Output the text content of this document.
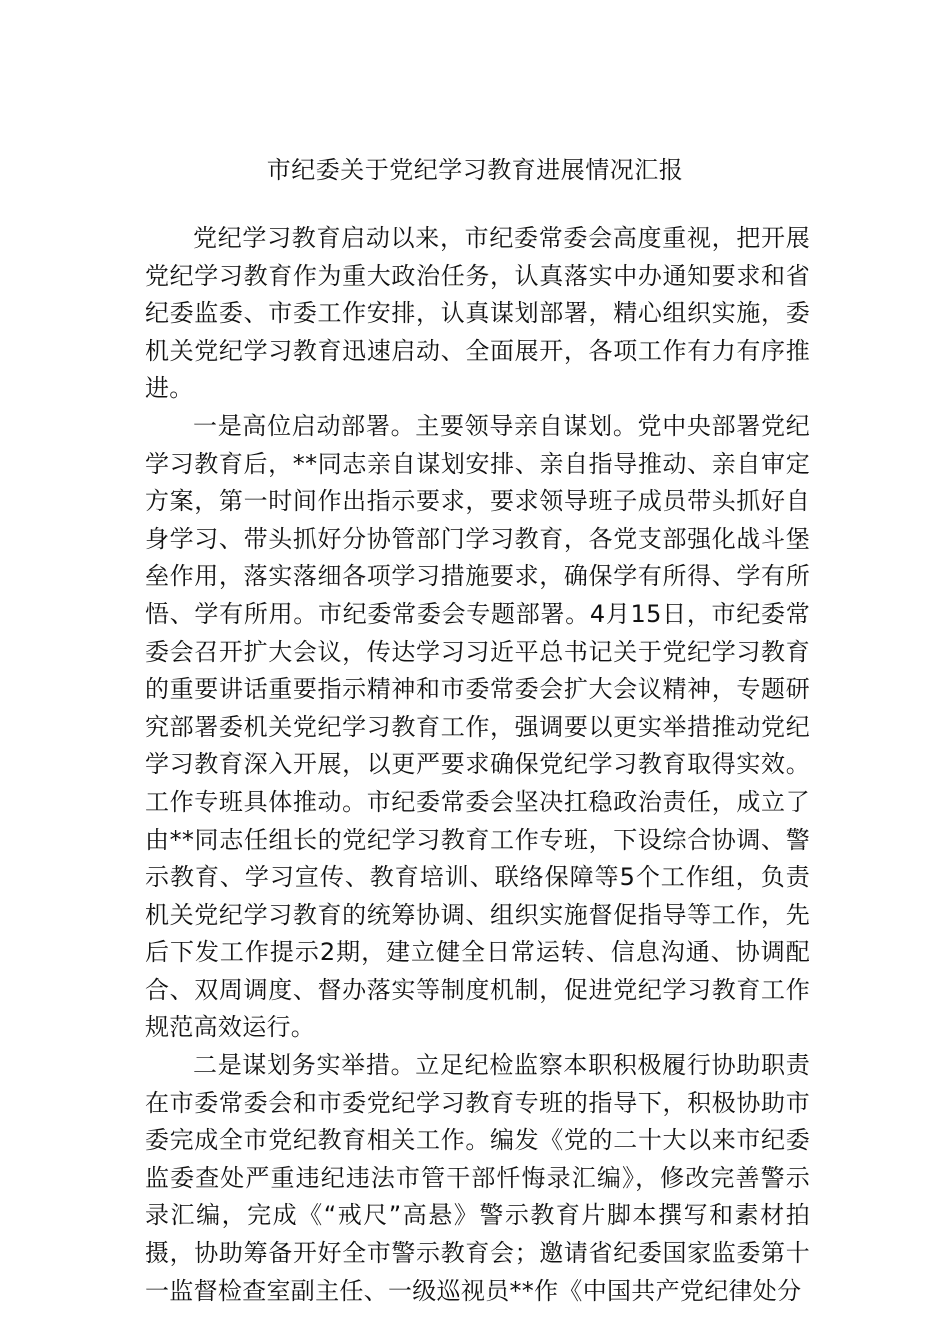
市纪委关于党纪学习教育进展情况汇报

党纪学习教育启动以来，市纪委常委会高度重视，把开展党纪学习教育作为重大政治任务，认真落实中办通知要求和省纪委监委、市委工作安排，认真谋划部署，精心组织实施，委机关党纪学习教育迅速启动、全面展开，各项工作有力有序推进。

一是高位启动部署。主要领导亲自谋划。党中央部署党纪学习教育后，**同志亲自谋划安排、亲自指导推动、亲自审定方案，第一时间作出指示要求，要求领导班子成员带头抓好自身学习、带头抓好分协管部门学习教育，各党支部强化战斗堡垒作用，落实落细各项学习措施要求，确保学有所得、学有所悟、学有所用。市纪委常委会专题部署。4月15日，市纪委常委会召开扩大会议，传达学习习近平总书记关于党纪学习教育的重要讲话重要指示精神和市委常委会扩大会议精神，专题研究部署委机关党纪学习教育工作，强调要以更实举措推动党纪学习教育深入开展，以更严要求确保党纪学习教育取得实效。工作专班具体推动。市纪委常委会坚决扛稳政治责任，成立了由**同志任组长的党纪学习教育工作专班，下设综合协调、警示教育、学习宣传、教育培训、联络保障等5个工作组，负责机关党纪学习教育的统筹协调、组织实施督促指导等工作，先后下发工作提示2期，建立健全日常运转、信息沟通、协调配合、双周调度、督办落实等制度机制，促进党纪学习教育工作规范高效运行。

二是谋划务实举措。立足纪检监察本职积极履行协助职责在市委常委会和市委党纪学习教育专班的指导下，积极协助市委完成全市党纪教育相关工作。编发《党的二十大以来市纪委监委查处严重违纪违法市管干部忏悔录汇编》，修改完善警示录汇编，完成《“戒尺”高悬》警示教育片脚本撰写和素材拍摄，协助筹备开好全市警示教育会；邀请省纪委国家监委第十一监督检查室副主任、一级巡视员**作《中国共产党纪律处分
